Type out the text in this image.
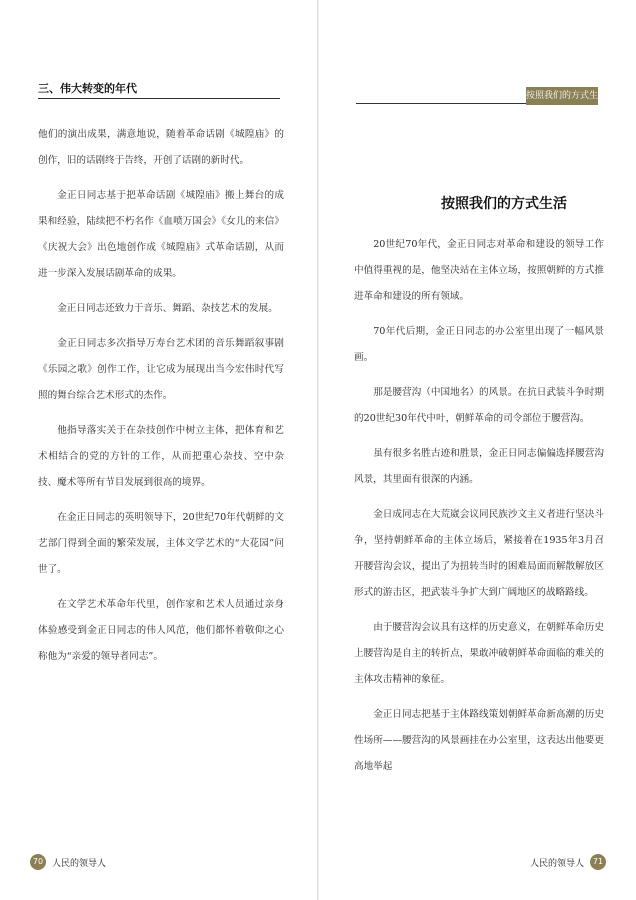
三、伟大转变的年代

他们的演出成果，满意地说，随着革命话剧《城隍庙》的创作，旧的话剧终于告终，开创了话剧的新时代。

金正日同志基于把革命话剧《城隍庙》搬上舞台的成果和经验，陆续把不朽名作《血喷万国会》《女儿的来信》《庆祝大会》出色地创作成《城隍庙》式革命话剧，从而进一步深入发展话剧革命的成果。

金正日同志还致力于音乐、舞蹈、杂技艺术的发展。

金正日同志多次指导万寿台艺术团的音乐舞蹈叙事剧《乐园之歌》创作工作，让它成为展现出当今宏伟时代写照的舞台综合艺术形式的杰作。

他指导落实关于在杂技创作中树立主体，把体育和艺术相结合的党的方针的工作，从而把重心杂技、空中杂技、魔术等所有节目发展到很高的境界。

在金正日同志的英明领导下，20世纪70年代朝鲜的文艺部门得到全面的繁荣发展，主体文学艺术的“大花园”问世了。

在文学艺术革命年代里，创作家和艺术人员通过亲身体验感受到金正日同志的伟人风范，他们都怀着敬仰之心称他为“亲爱的领导者同志”。

70 人民的领导人
按照我们的方式生活

20世纪70年代，金正日同志对革命和建设的领导工作中值得重视的是，他坚决站在主体立场，按照朝鲜的方式推进革命和建设的所有领域。

70年代后期，金正日同志的办公室里出现了一幅风景画。

那是腰营沟（中国地名）的风景。在抗日武装斗争时期的20世纪30年代中叶，朝鲜革命的司令部位于腰营沟。

虽有很多名胜古迹和胜景，金正日同志偏偏选择腰营沟风景，其里面有很深的内涵。

金日成同志在大荒崴会议同民族沙文主义者进行坚决斗争，坚持朝鲜革命的主体立场后，紧接着在1935年3月召开腰营沟会议，提出了为扭转当时的困难局面而解散解放区形式的游击区，把武装斗争扩大到广阔地区的战略路线。

由于腰营沟会议具有这样的历史意义，在朝鲜革命历史上腰营沟是自主的转折点，果敢冲破朝鲜革命面临的难关的主体攻击精神的象征。

金正日同志把基于主体路线策划朝鲜革命新高潮的历史性场所——腰营沟的风景画挂在办公室里，这表达出他要更高地举起

人民的领导人	71
按照我们的方式生活
